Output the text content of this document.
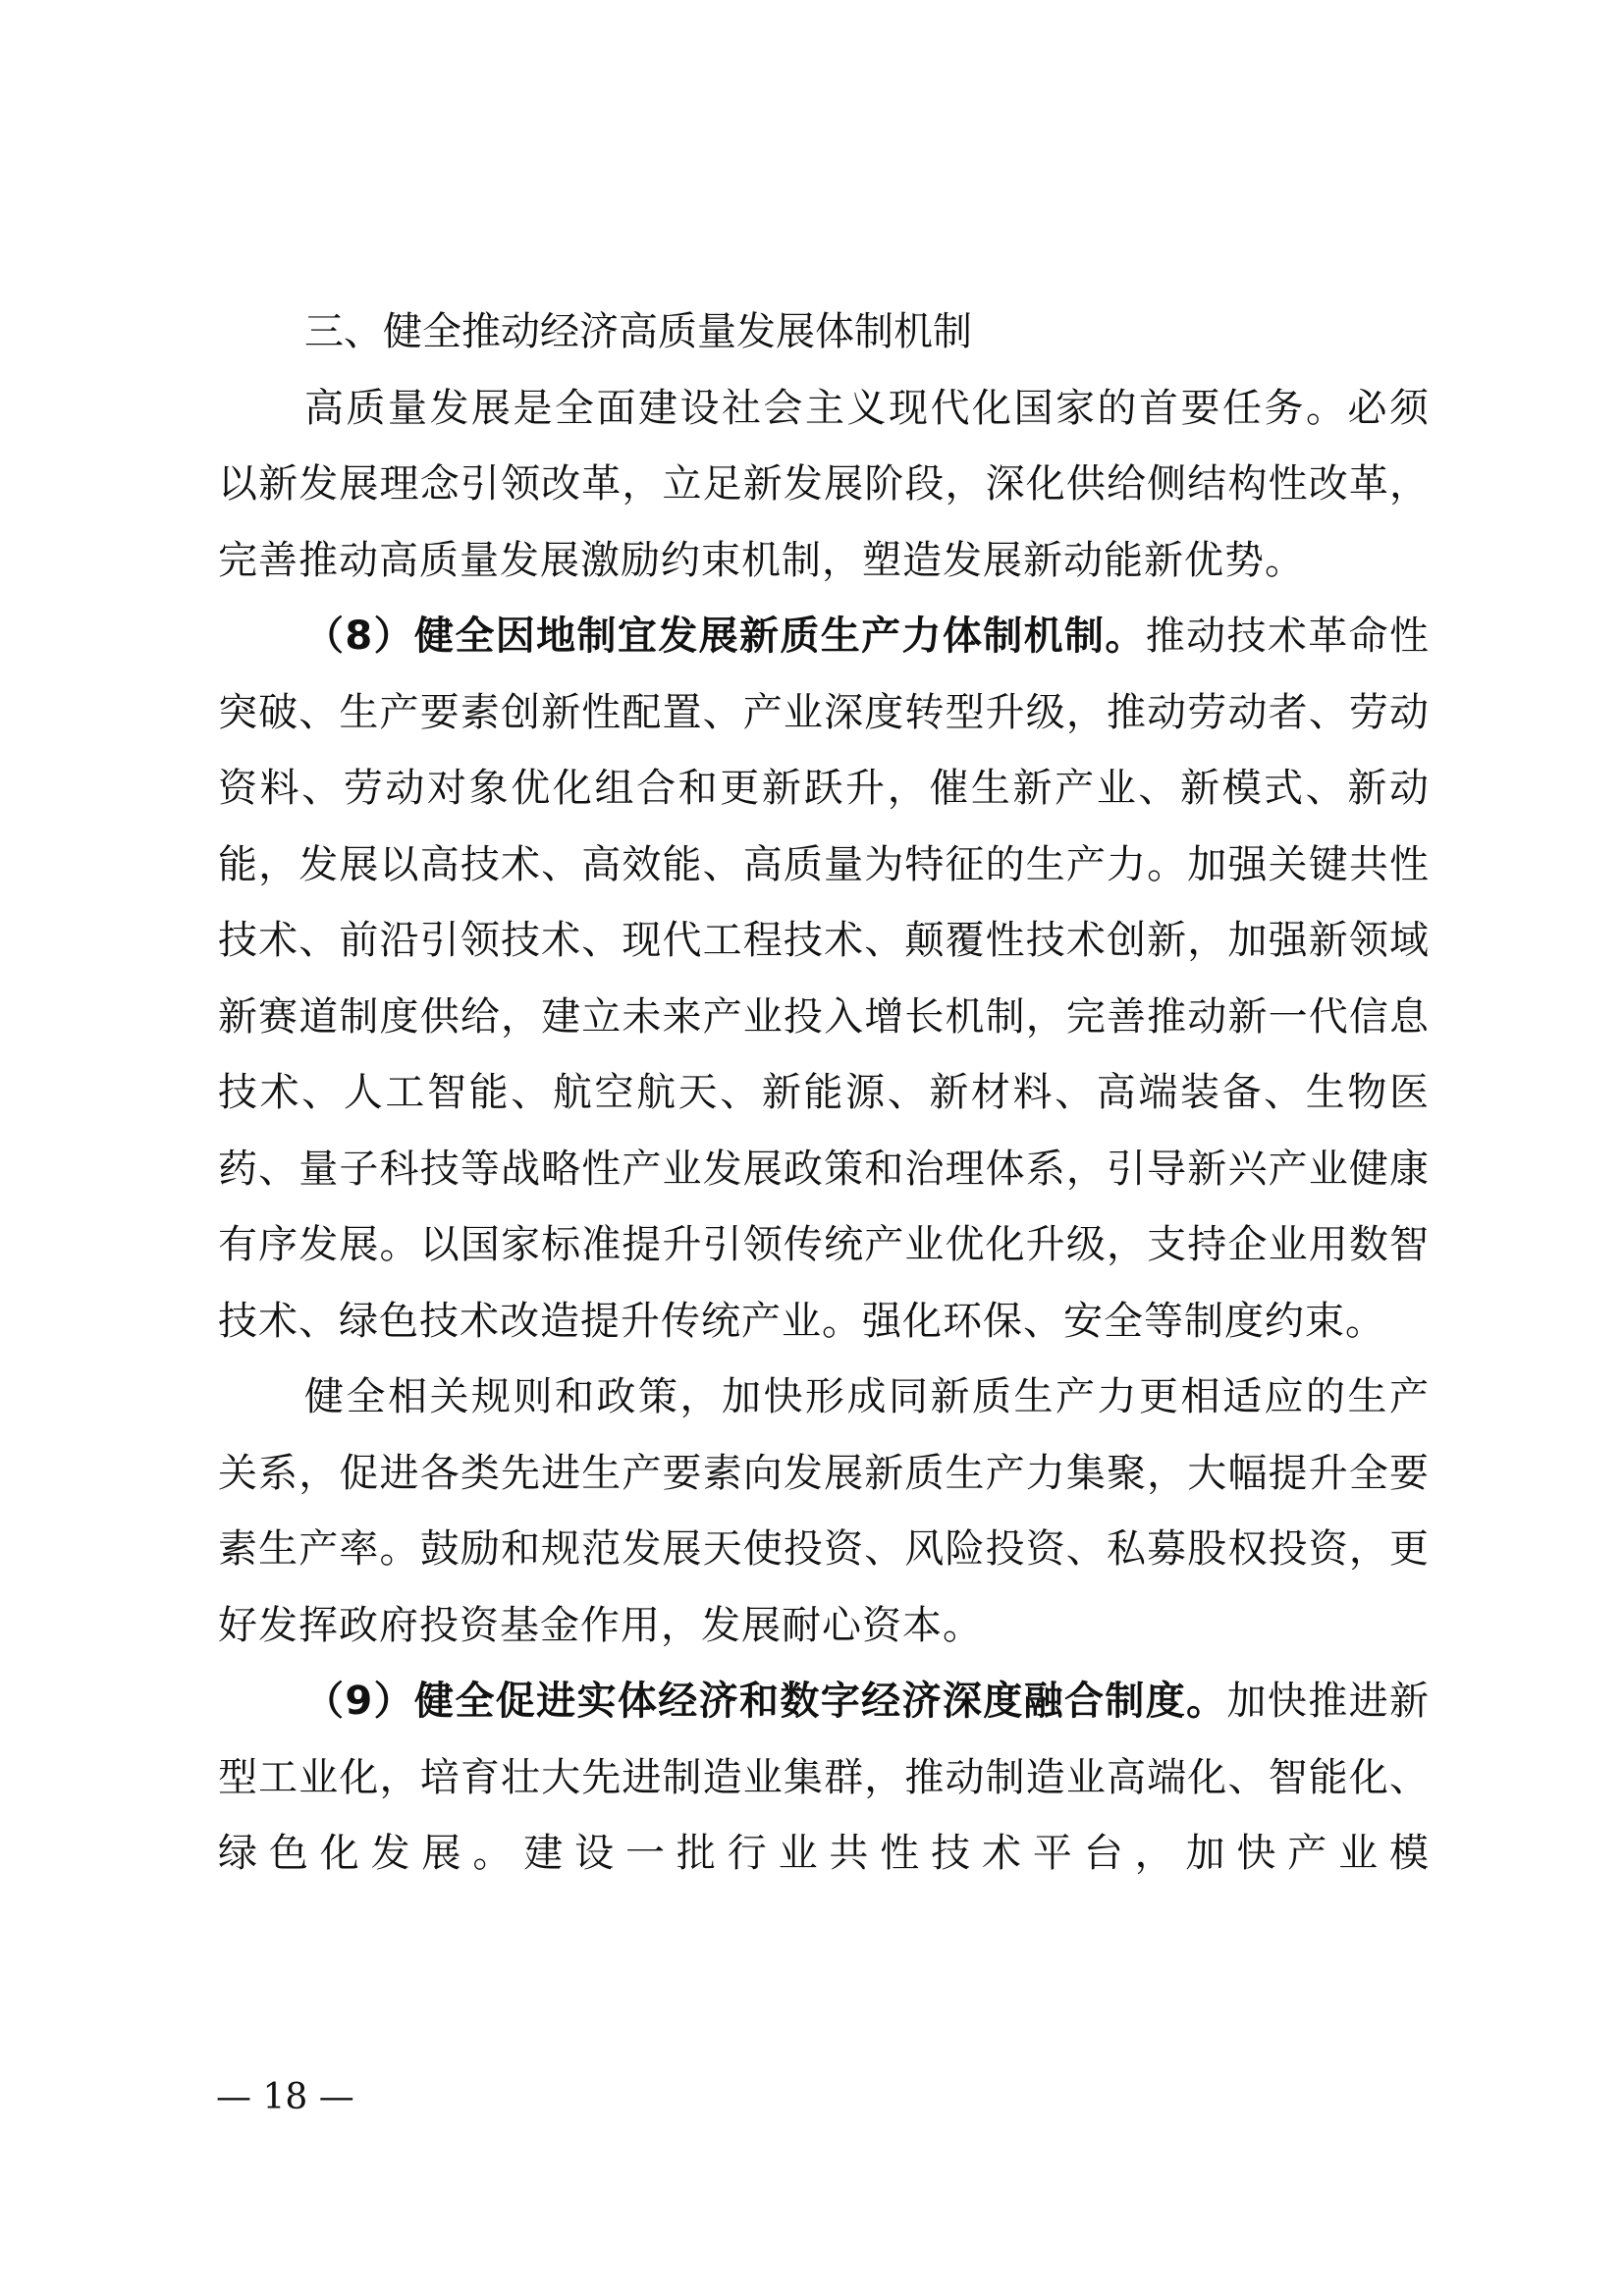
三、健全推动经济高质量发展体制机制

高质量发展是全面建设社会主义现代化国家的首要任务。必须以新发展理念引领改革，立足新发展阶段，深化供给侧结构性改革，完善推动高质量发展激励约束机制，塑造发展新动能新优势。

（8）健全因地制宜发展新质生产力体制机制。推动技术革命性突破、生产要素创新性配置、产业深度转型升级，推动劳动者、劳动资料、劳动对象优化组合和更新跃升，催生新产业、新模式、新动能，发展以高技术、高效能、高质量为特征的生产力。加强关键共性技术、前沿引领技术、现代工程技术、颠覆性技术创新，加强新领域新赛道制度供给，建立未来产业投入增长机制，完善推动新一代信息技术、人工智能、航空航天、新能源、新材料、高端装备、生物医药、量子科技等战略性产业发展政策和治理体系，引导新兴产业健康有序发展。以国家标准提升引领传统产业优化升级，支持企业用数智技术、绿色技术改造提升传统产业。强化环保、安全等制度约束。

健全相关规则和政策，加快形成同新质生产力更相适应的生产关系，促进各类先进生产要素向发展新质生产力集聚，大幅提升全要素生产率。鼓励和规范发展天使投资、风险投资、私募股权投资，更好发挥政府投资基金作用，发展耐心资本。

（9）健全促进实体经济和数字经济深度融合制度。加快推进新型工业化，培育壮大先进制造业集群，推动制造业高端化、智能化、绿色化发展。建设一批行业共性技术平台，加快产业模

— 18 —
